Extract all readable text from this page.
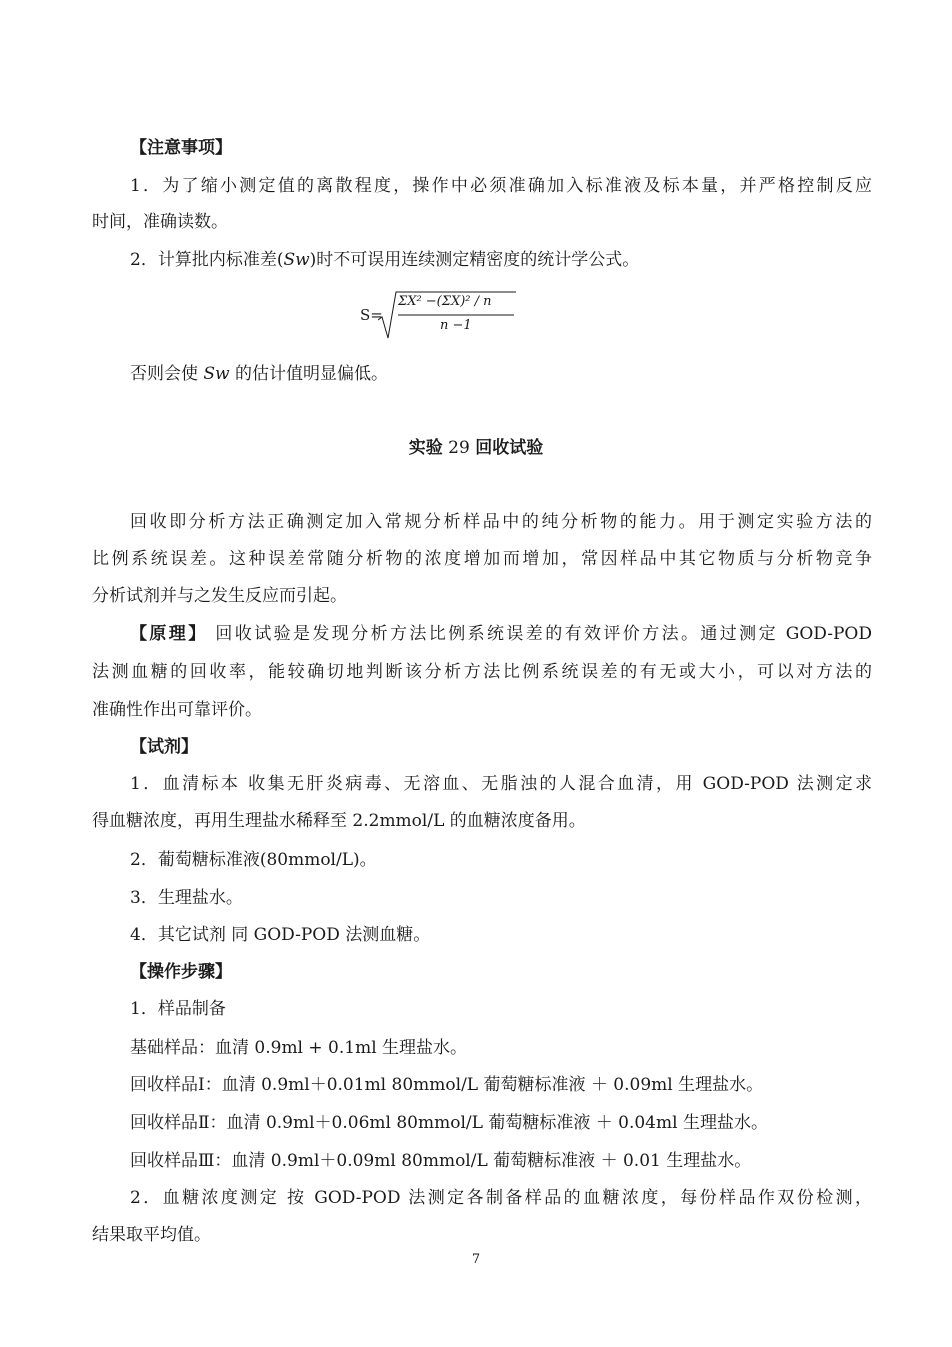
【注意事项】
1．为了缩小测定值的离散程度，操作中必须准确加入标准液及标本量，并严格控制反应
时间，准确读数。
2．计算批内标准差(Sw)时不可误用连续测定精密度的统计学公式。
S=
ΣX² −(ΣX)² / n
n −1
否则会使 Sw 的估计值明显偏低。
实验 29 回收试验
回收即分析方法正确测定加入常规分析样品中的纯分析物的能力。用于测定实验方法的
比例系统误差。这种误差常随分析物的浓度增加而增加，常因样品中其它物质与分析物竞争
分析试剂并与之发生反应而引起。
【原理】 回收试验是发现分析方法比例系统误差的有效评价方法。通过测定 GOD-POD
法测血糖的回收率，能较确切地判断该分析方法比例系统误差的有无或大小，可以对方法的
准确性作出可靠评价。
【试剂】
1．血清标本 收集无肝炎病毒、无溶血、无脂浊的人混合血清，用 GOD-POD 法测定求
得血糖浓度，再用生理盐水稀释至 2.2mmol/L 的血糖浓度备用。
2．葡萄糖标准液(80mmol/L)。
3．生理盐水。
4．其它试剂 同 GOD-POD 法测血糖。
【操作步骤】
1．样品制备
基础样品：血清 0.9ml + 0.1ml 生理盐水。
回收样品Ⅰ：血清 0.9ml＋0.01ml 80mmol/L 葡萄糖标准液 ＋ 0.09ml 生理盐水。
回收样品Ⅱ：血清 0.9ml＋0.06ml 80mmol/L 葡萄糖标准液 ＋ 0.04ml 生理盐水。
回收样品Ⅲ：血清 0.9ml＋0.09ml 80mmol/L 葡萄糖标准液 ＋ 0.01 生理盐水。
2．血糖浓度测定 按 GOD-POD 法测定各制备样品的血糖浓度，每份样品作双份检测，
结果取平均值。
7
